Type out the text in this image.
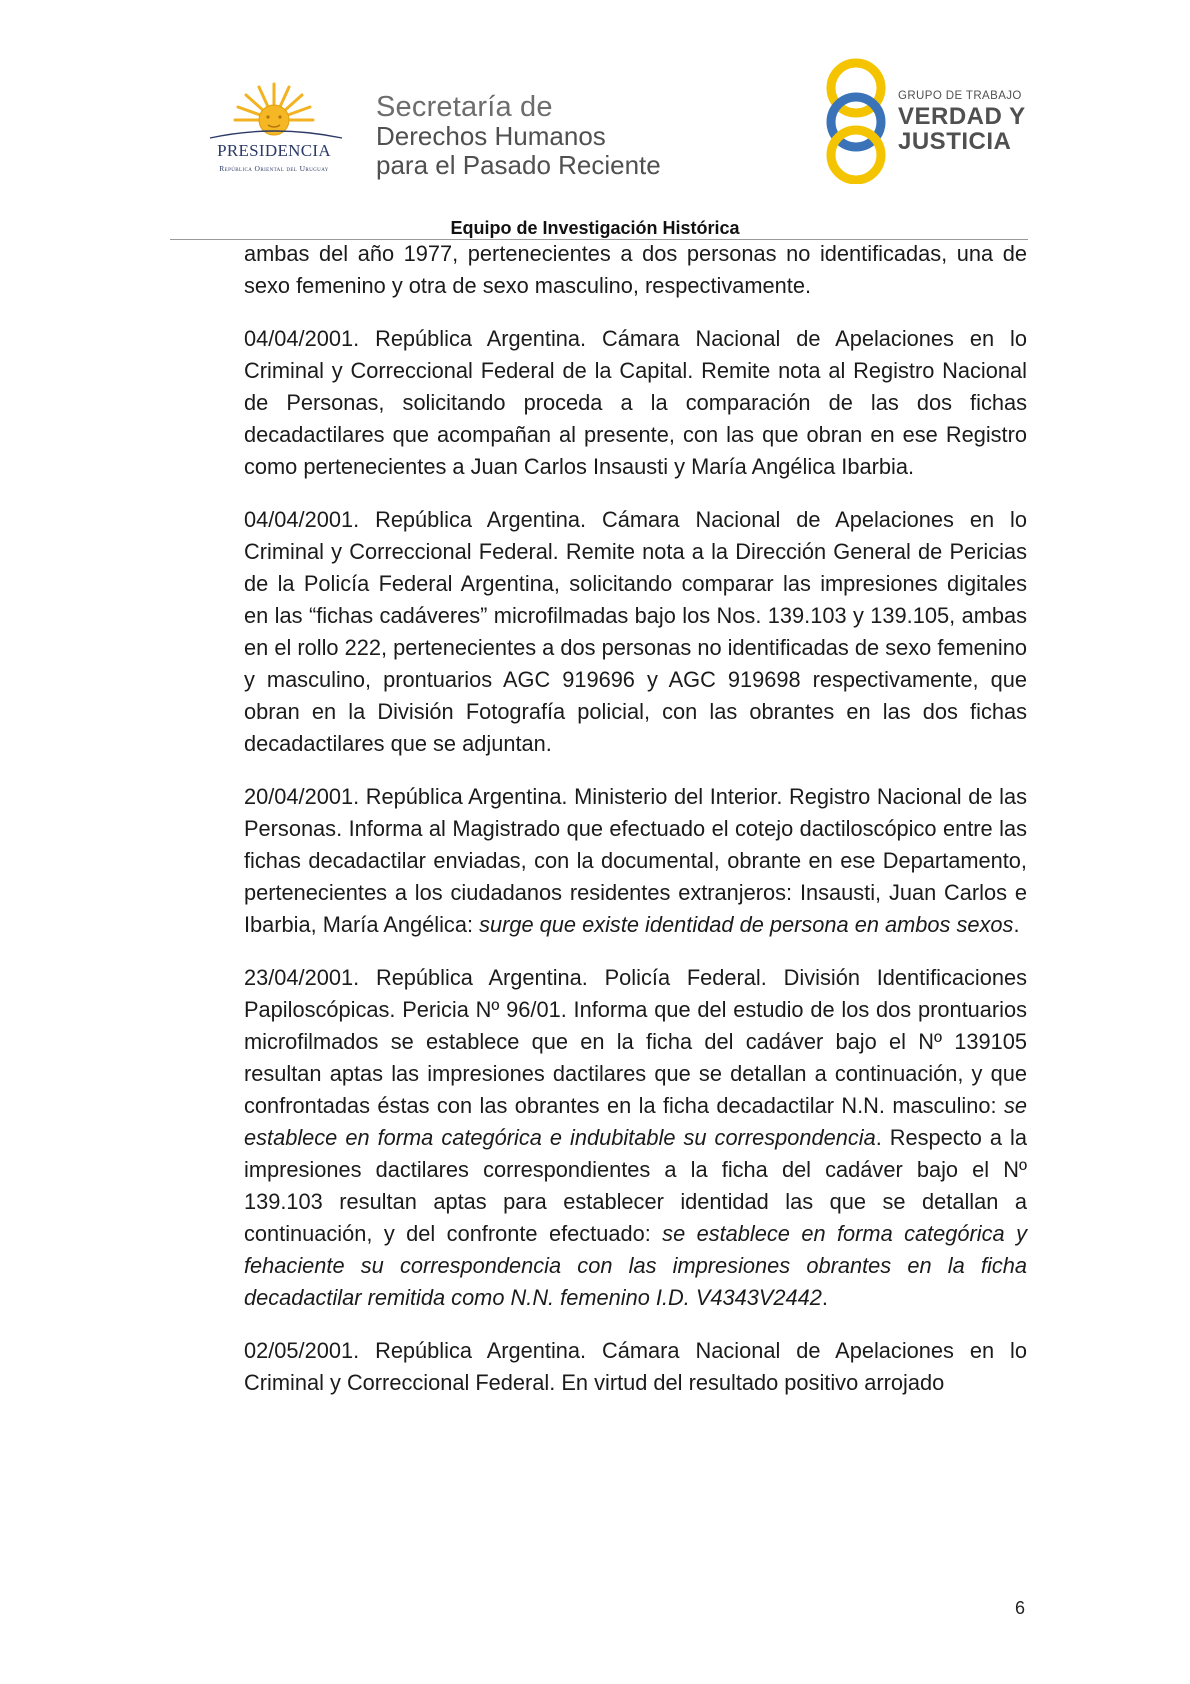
PRESIDENCIA
República Oriental del Uruguay
Secretaría de
Derechos Humanos
para el Pasado Reciente
GRUPO DE TRABAJO
VERDAD Y
JUSTICIA
Equipo de Investigación Histórica

ambas del año 1977, pertenecientes a dos personas no identificadas, una de sexo femenino y otra de sexo masculino, respectivamente.

04/04/2001. República Argentina. Cámara Nacional de Apelaciones en lo Criminal y Correccional Federal de la Capital. Remite nota al Registro Nacional de Personas, solicitando proceda a la comparación de las dos fichas decadactilares que acompañan al presente, con las que obran en ese Registro como pertenecientes a Juan Carlos Insausti y María Angélica Ibarbia.

04/04/2001. República Argentina. Cámara Nacional de Apelaciones en lo Criminal y Correccional Federal. Remite nota a la Dirección General de Pericias de la Policía Federal Argentina, solicitando comparar las impresiones digitales en las “fichas cadáveres” microfilmadas bajo los Nos. 139.103 y 139.105, ambas en el rollo 222, pertenecientes a dos personas no identificadas de sexo femenino y masculino, prontuarios AGC 919696 y AGC 919698 respectivamente, que obran en la División Fotografía policial, con las obrantes en las dos fichas decadactilares que se adjuntan.

20/04/2001. República Argentina. Ministerio del Interior. Registro Nacional de las Personas. Informa al Magistrado que efectuado el cotejo dactiloscópico entre las fichas decadactilar enviadas, con la documental, obrante en ese Departamento, pertenecientes a los ciudadanos residentes extranjeros: Insausti, Juan Carlos e Ibarbia, María Angélica: surge que existe identidad de persona en ambos sexos.

23/04/2001. República Argentina. Policía Federal. División Identificaciones Papiloscópicas. Pericia Nº 96/01. Informa que del estudio de los dos prontuarios microfilmados se establece que en la ficha del cadáver bajo el Nº 139105 resultan aptas las impresiones dactilares que se detallan a continuación, y que confrontadas éstas con las obrantes en la ficha decadactilar N.N. masculino: se establece en forma categórica e indubitable su correspondencia. Respecto a la impresiones dactilares correspondientes a la ficha del cadáver bajo el Nº 139.103 resultan aptas para establecer identidad las que se detallan a continuación, y del confronte efectuado: se establece en forma categórica y fehaciente su correspondencia con las impresiones obrantes en la ficha decadactilar remitida como N.N. femenino I.D. V4343V2442.

02/05/2001. República Argentina. Cámara Nacional de Apelaciones en lo Criminal y Correccional Federal. En virtud del resultado positivo arrojado

6
